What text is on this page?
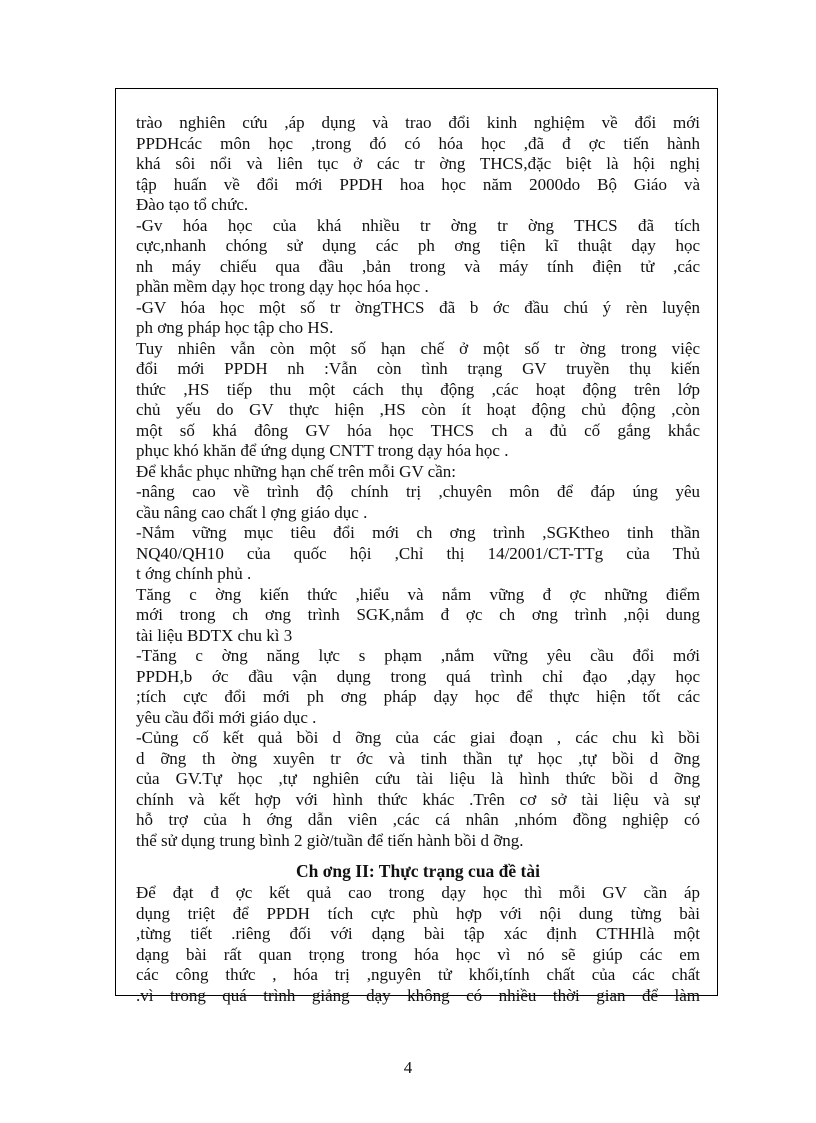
trào nghiên cứu ,áp dụng và trao đổi kinh nghiệm về đổi mới
PPDHcác môn học ,trong đó có hóa học ,đã đ ợc tiến hành
khá sôi nổi và liên tục ở các tr ờng THCS,đặc biệt là hội nghị
tập huấn về đổi mới PPDH hoa học năm 2000do Bộ Giáo và
Đào tạo tổ chức.
-Gv hóa học của khá nhiều tr ờng tr ờng THCS đã tích
cực,nhanh chóng sử dụng các ph ơng tiện kĩ thuật dạy học
nh máy chiếu qua đầu ,bản trong và máy tính điện tử ,các
phần mềm dạy học trong dạy học hóa học .
-GV hóa học một số tr ờngTHCS đã b ớc đầu chú ý rèn luyện
ph ơng pháp học tập cho HS.
Tuy nhiên vẫn còn một số hạn chế ở một số tr ờng trong việc
đổi mới PPDH nh :Vẫn còn tình trạng GV truyền thụ kiến
thức ,HS tiếp thu một cách thụ động ,các hoạt động trên lớp
chủ yếu do GV thực hiện ,HS còn ít hoạt động chủ động ,còn
một số khá đông GV hóa học THCS ch a đủ cố gắng khắc
phục khó khăn để ứng dụng CNTT trong dạy hóa học .
Để khắc phục những hạn chế trên mỗi GV cần:
-nâng cao về trình độ chính trị ,chuyên môn để đáp úng yêu
cầu nâng cao chất l ợng giáo dục .
-Nắm vững mục tiêu đổi mới ch ơng trình ,SGKtheo tinh thần
NQ40/QH10 của quốc hội ,Chỉ thị 14/2001/CT-TTg của Thủ
t ớng chính phủ .
Tăng c ờng kiến thức ,hiểu và nắm vững đ ợc những điểm
mới trong ch ơng trình SGK,nắm đ ợc ch ơng trình ,nội dung
tài liệu BDTX chu kì 3
-Tăng c ờng năng lực s phạm ,nắm vững yêu cầu đổi mới
PPDH,b ớc đầu vận dụng trong quá trình chỉ đạo ,dạy học
;tích cực đổi mới ph ơng pháp dạy học để thực hiện tốt các
yêu cầu đổi mới giáo dục .
-Củng cố kết quả bồi d ỡng của các giai đoạn , các chu kì bồi
d ỡng th ờng xuyên tr ớc và tinh thần tự học ,tự bồi d ỡng
của GV.Tự học ,tự nghiên cứu tài liệu là hình thức bồi d ỡng
chính và kết hợp với hình thức khác .Trên cơ sở tài liệu và sự
hỗ trợ của h ớng dẫn viên ,các cá nhân ,nhóm đồng nghiệp có
thể sử dụng trung bình 2 giờ/tuần để tiến hành bồi d ỡng.
Ch ơng II: Thực trạng cua đề tài
Để đạt đ ợc kết quả cao trong dạy học thì mỗi GV cần áp
dụng triệt để PPDH tích cực phù hợp với nội dung từng bài
,từng tiết .riêng đối với dạng bài tập xác định CTHHlà một
dạng bài rất quan trọng trong hóa học vì nó sẽ giúp các em
các công thức , hóa trị ,nguyên tử khối,tính chất của các chất
.vì trong quá trình giảng dạy không có nhiều thời gian để làm
4
